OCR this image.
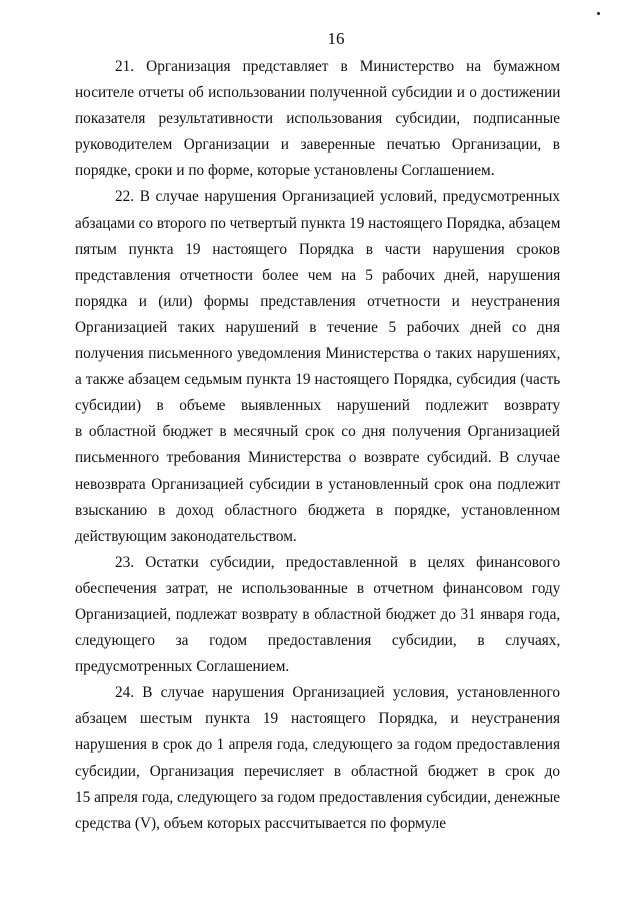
16

21. Организация представляет в Министерство на бумажном
носителе отчеты об использовании полученной субсидии и о достижении
показателя результативности использования субсидии, подписанные
руководителем Организации и заверенные печатью Организации, в
порядке, сроки и по форме, которые установлены Соглашением.

22. В случае нарушения Организацией условий, предусмотренных
абзацами со второго по четвертый пункта 19 настоящего Порядка, абзацем
пятым пункта 19 настоящего Порядка в части нарушения сроков
представления отчетности более чем на 5 рабочих дней, нарушения
порядка и (или) формы представления отчетности и неустранения
Организацией таких нарушений в течение 5 рабочих дней со дня
получения письменного уведомления Министерства о таких нарушениях,
а также абзацем седьмым пункта 19 настоящего Порядка, субсидия (часть
субсидии) в объеме выявленных нарушений подлежит возврату
в областной бюджет в месячный срок со дня получения Организацией
письменного требования Министерства о возврате субсидий. В случае
невозврата Организацией субсидии в установленный срок она подлежит
взысканию в доход областного бюджета в порядке, установленном
действующим законодательством.

23. Остатки субсидии, предоставленной в целях финансового
обеспечения затрат, не использованные в отчетном финансовом году
Организацией, подлежат возврату в областной бюджет до 31 января года,
следующего за годом предоставления субсидии, в случаях,
предусмотренных Соглашением.

24. В случае нарушения Организацией условия, установленного
абзацем шестым пункта 19 настоящего Порядка, и неустранения
нарушения в срок до 1 апреля года, следующего за годом предоставления
субсидии, Организация перечисляет в областной бюджет в срок до
15 апреля года, следующего за годом предоставления субсидии, денежные
средства (V), объем которых рассчитывается по формуле
